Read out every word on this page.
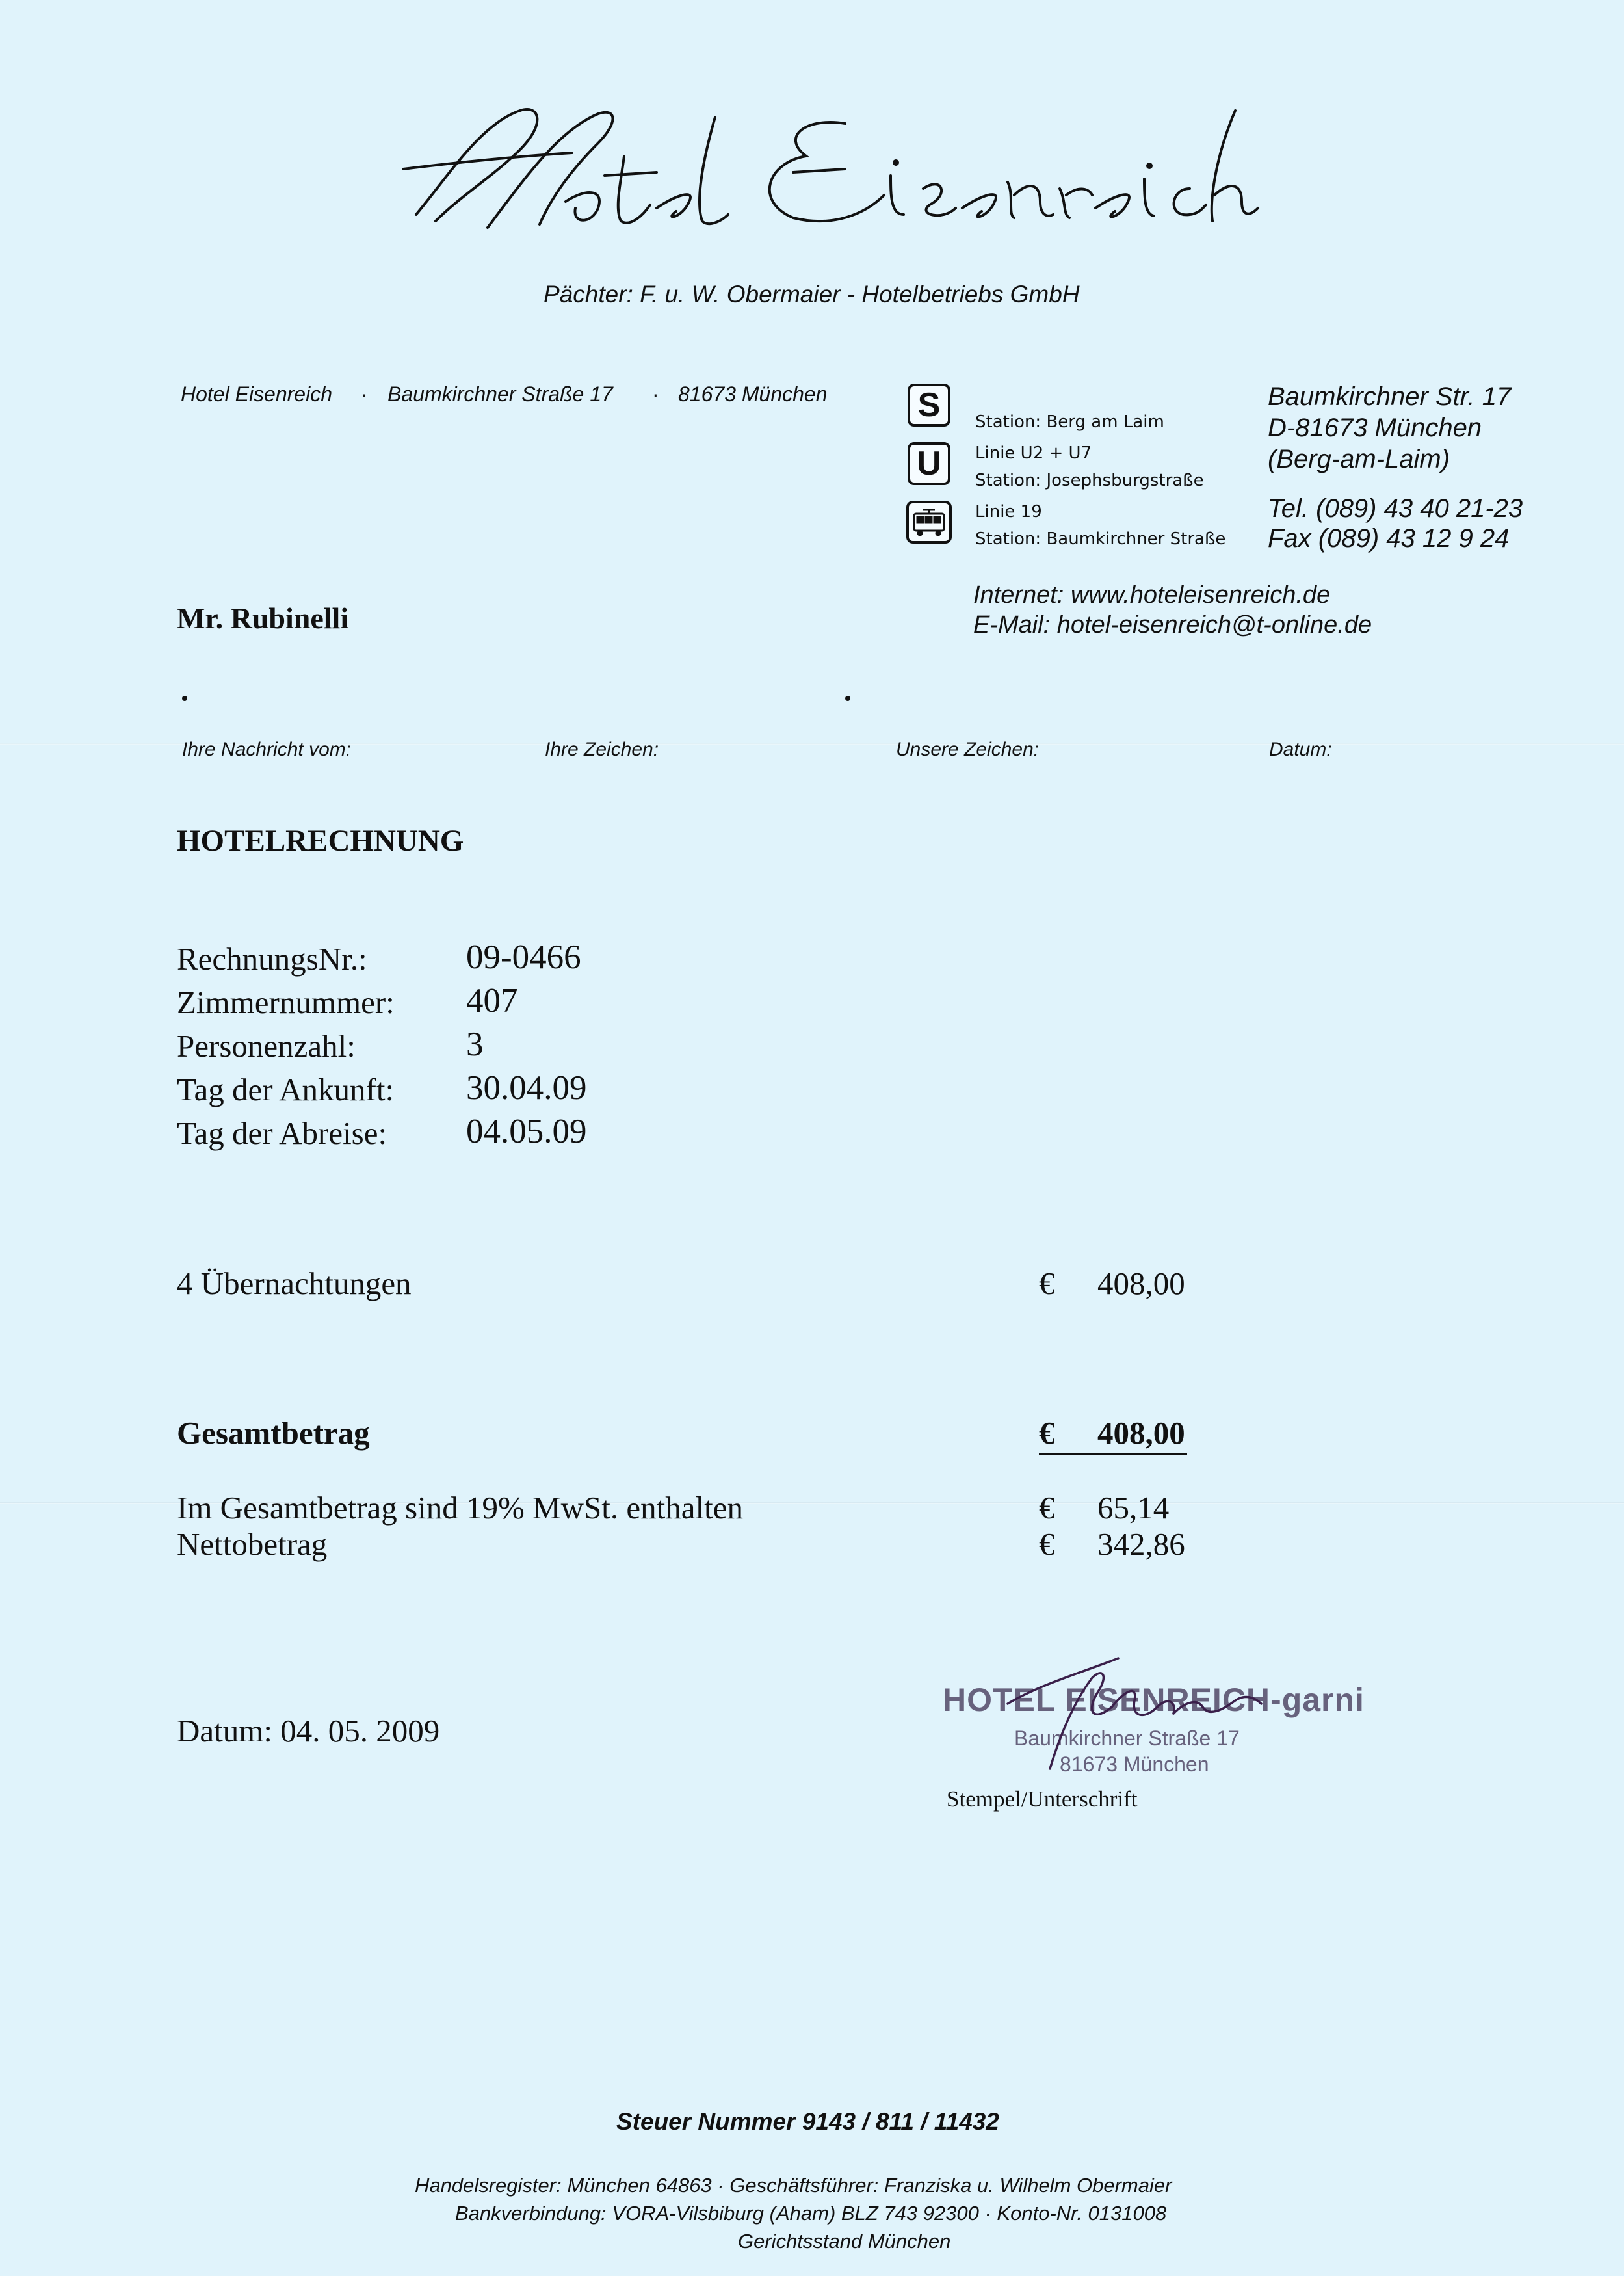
Pächter: F. u. W. Obermaier - Hotelbetriebs GmbH
Hotel Eisenreich · Baumkirchner Straße 17 · 81673 München	S
U
Station: Berg am Laim
Linie U2 + U7
Station: Josephsburgstraße
Linie 19
Station: Baumkirchner Straße
Baumkirchner Str. 17
D-81673 München
(Berg-am-Laim)
Tel. (089) 43 40 21-23
Fax (089) 43 12 9 24
Internet: www.hoteleisenreich.de
E-Mail: hotel-eisenreich@t-online.de
Mr. Rubinelli
Ihre Nachricht vom:	Ihre Zeichen:	Unsere Zeichen:	Datum:
HOTELRECHNUNG
RechnungsNr.:	09-0466
Zimmernummer: 407
Personenzahl:	3
Tag der Ankunft: 30.04.09
Tag der Abreise: 04.05.09
4 Übernachtungen	€ 408,00
Gesamtbetrag	€ 408,00
Im Gesamtbetrag sind 19% MwSt. enthalten	€ 65,14
Nettobetrag	€ 342,86
Datum: 04. 05. 2009
HOTEL EISENREICH-garni
Baumkirchner Straße 17
81673 München
Stempel/Unterschrift
Steuer Nummer 9143 / 811 / 11432
Handelsregister: München 64863 · Geschäftsführer: Franziska u. Wilhelm Obermaier
Bankverbindung: VORA-Vilsbiburg (Aham) BLZ 743 92300 · Konto-Nr. 0131008
Gerichtsstand München
